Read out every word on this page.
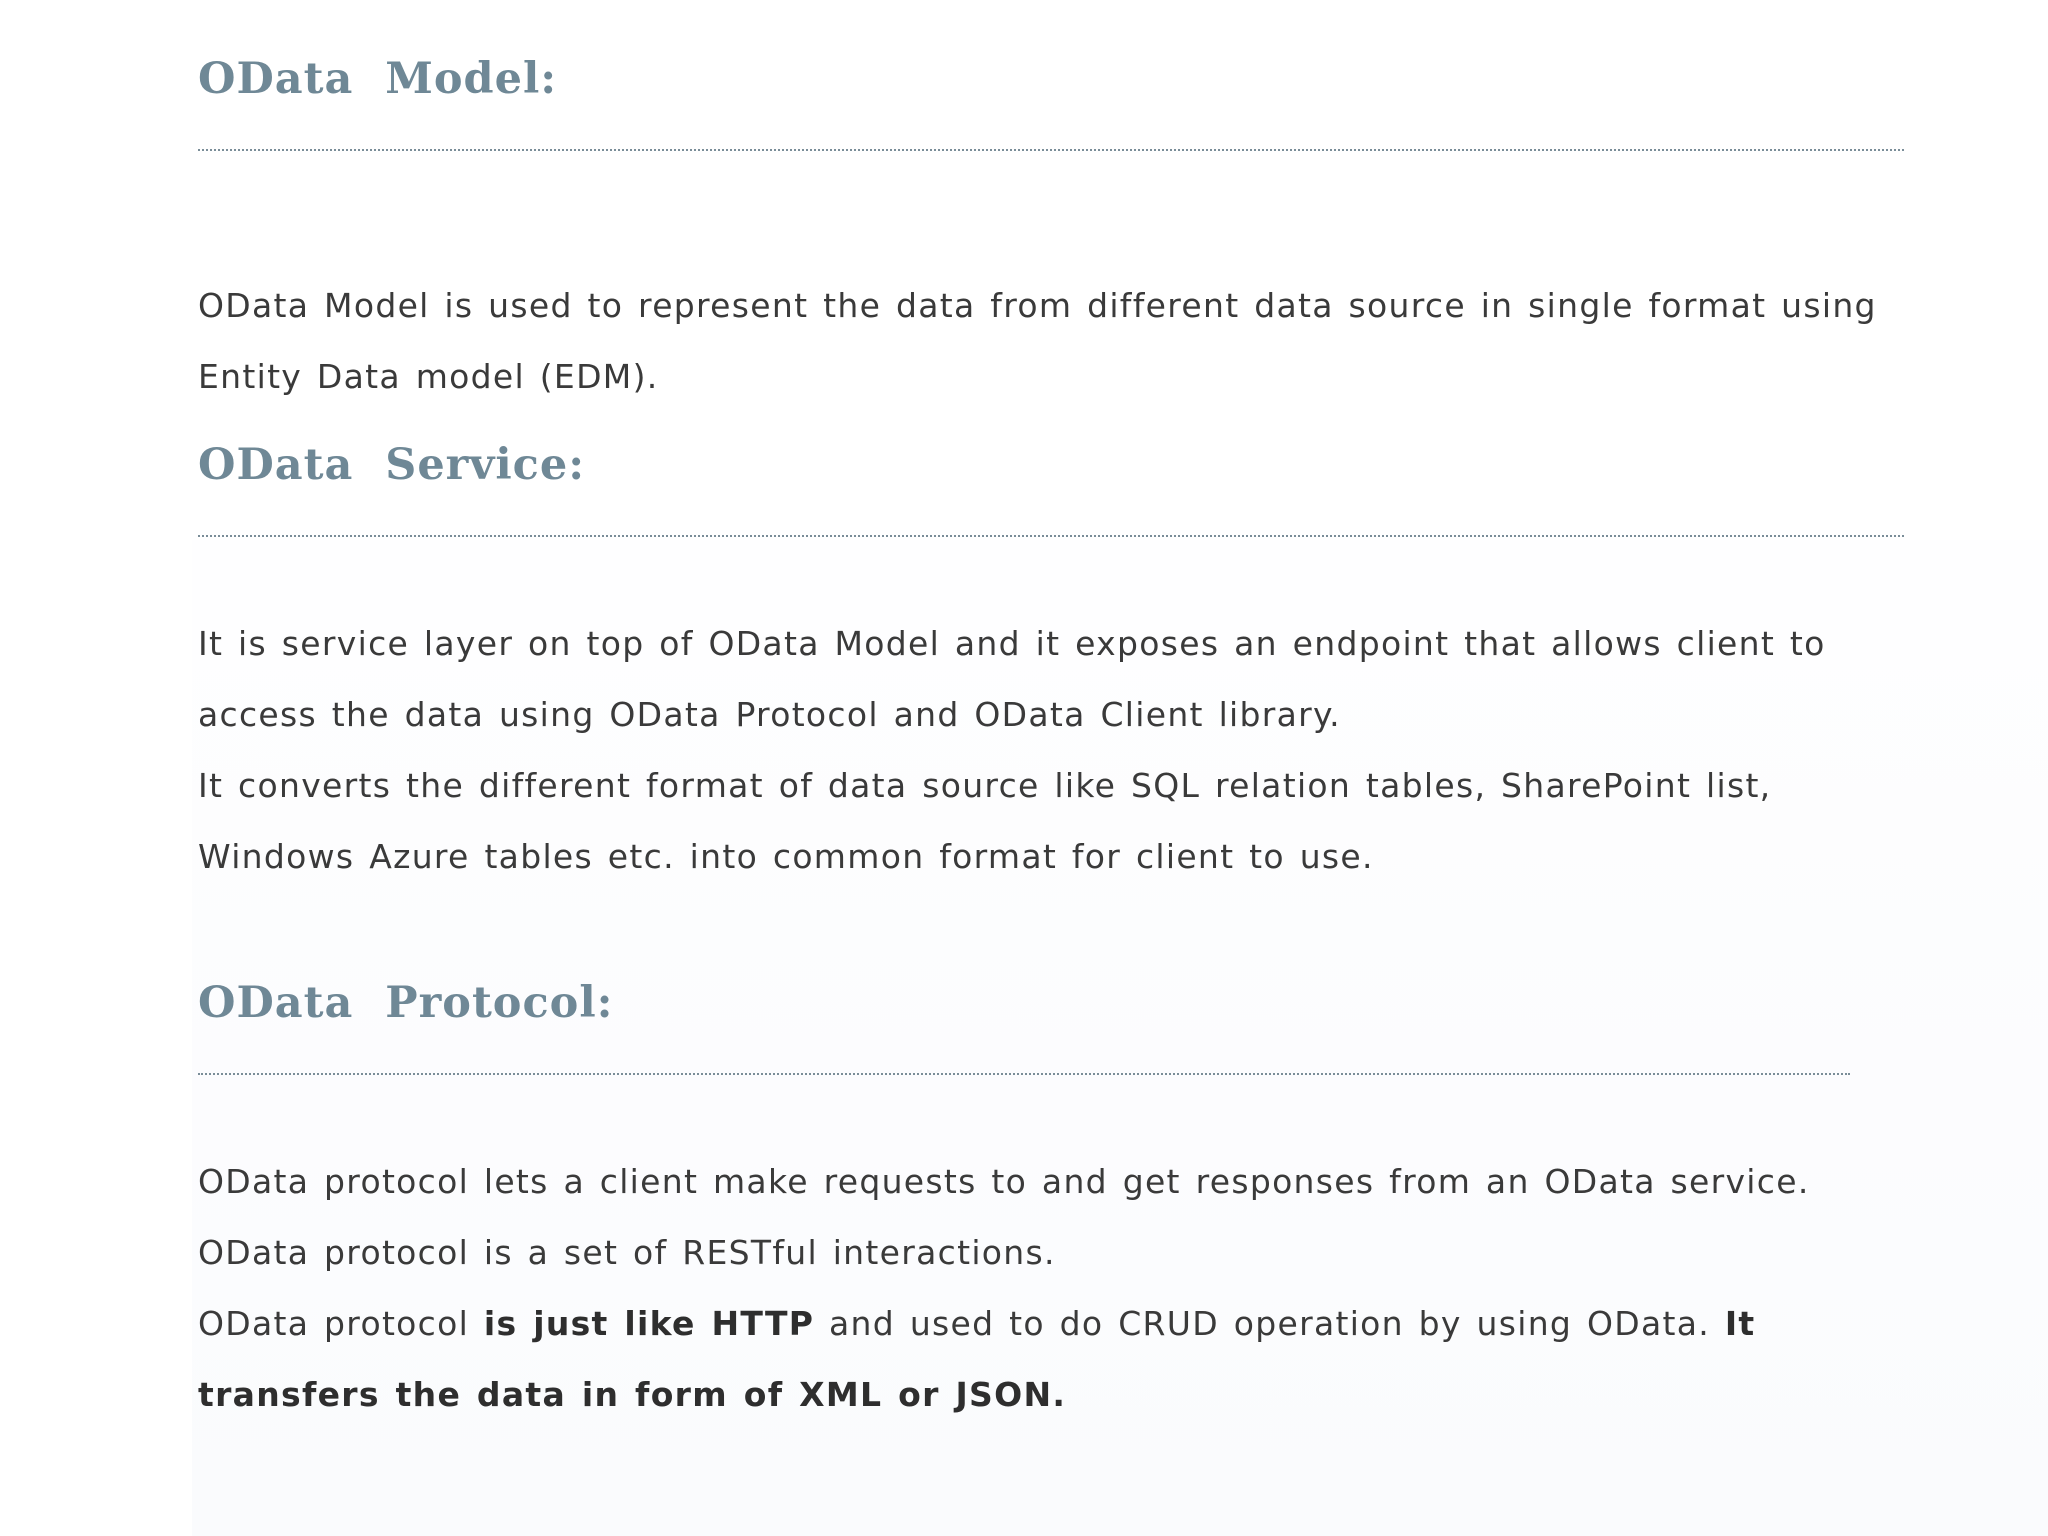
OData  Model:

OData Model is used to represent the data from different data source in single format using Entity Data model (EDM).

OData  Service:

It is service layer on top of OData Model and it exposes an endpoint that allows client to access the data using OData Protocol and OData Client library.

It converts the different format of data source like SQL relation tables, SharePoint list, Windows Azure tables etc. into common format for client to use.

OData  Protocol:

OData protocol lets a client make requests to and get responses from an OData service.

OData protocol is a set of RESTful interactions.

OData protocol is just like HTTP and used to do CRUD operation by using OData. It transfers the data in form of XML or JSON.
